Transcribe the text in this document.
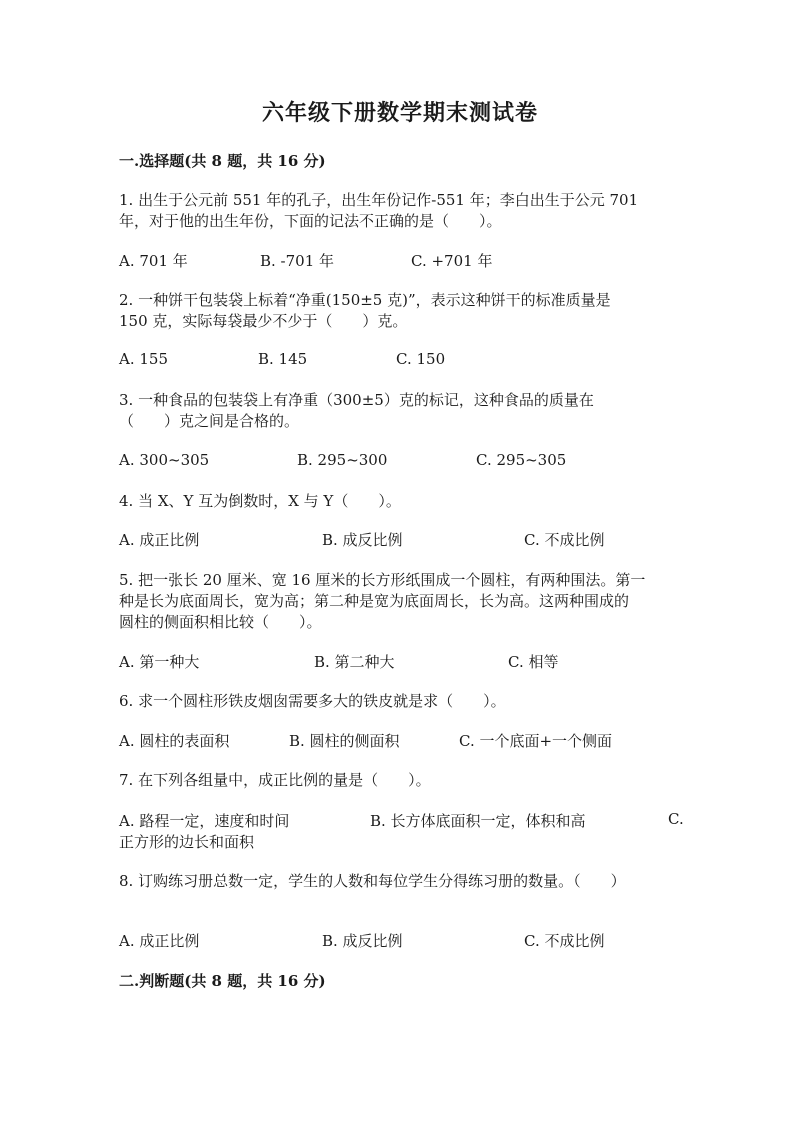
六年级下册数学期末测试卷
一.选择题(共 8 题，共 16 分)
1. 出生于公元前 551 年的孔子，出生年份记作-551 年；李白出生于公元 701
年，对于他的出生年份，下面的记法不正确的是（　　）。
A. 701 年	B. -701 年	C. +701 年
2. 一种饼干包装袋上标着“净重(150±5 克)”，表示这种饼干的标准质量是
150 克，实际每袋最少不少于（　　）克。
A. 155	B. 145	C. 150
3. 一种食品的包装袋上有净重（300±5）克的标记，这种食品的质量在
（　　）克之间是合格的。
A. 300~305	B. 295~300	C. 295~305
4. 当 X、Y 互为倒数时，X 与 Y（　　）。
A. 成正比例	B. 成反比例	C. 不成比例
5. 把一张长 20 厘米、宽 16 厘米的长方形纸围成一个圆柱，有两种围法。第一
种是长为底面周长，宽为高；第二种是宽为底面周长，长为高。这两种围成的
圆柱的侧面积相比较（　　）。
A. 第一种大	B. 第二种大	C. 相等
6. 求一个圆柱形铁皮烟囱需要多大的铁皮就是求（　　）。
A. 圆柱的表面积	B. 圆柱的侧面积	C. 一个底面+一个侧面
7. 在下列各组量中，成正比例的量是（　　）。
A. 路程一定，速度和时间	B. 长方体底面积一定，体积和高	C.
正方形的边长和面积
8. 订购练习册总数一定，学生的人数和每位学生分得练习册的数量。（　　）
A. 成正比例	B. 成反比例	C. 不成比例
二.判断题(共 8 题，共 16 分)
